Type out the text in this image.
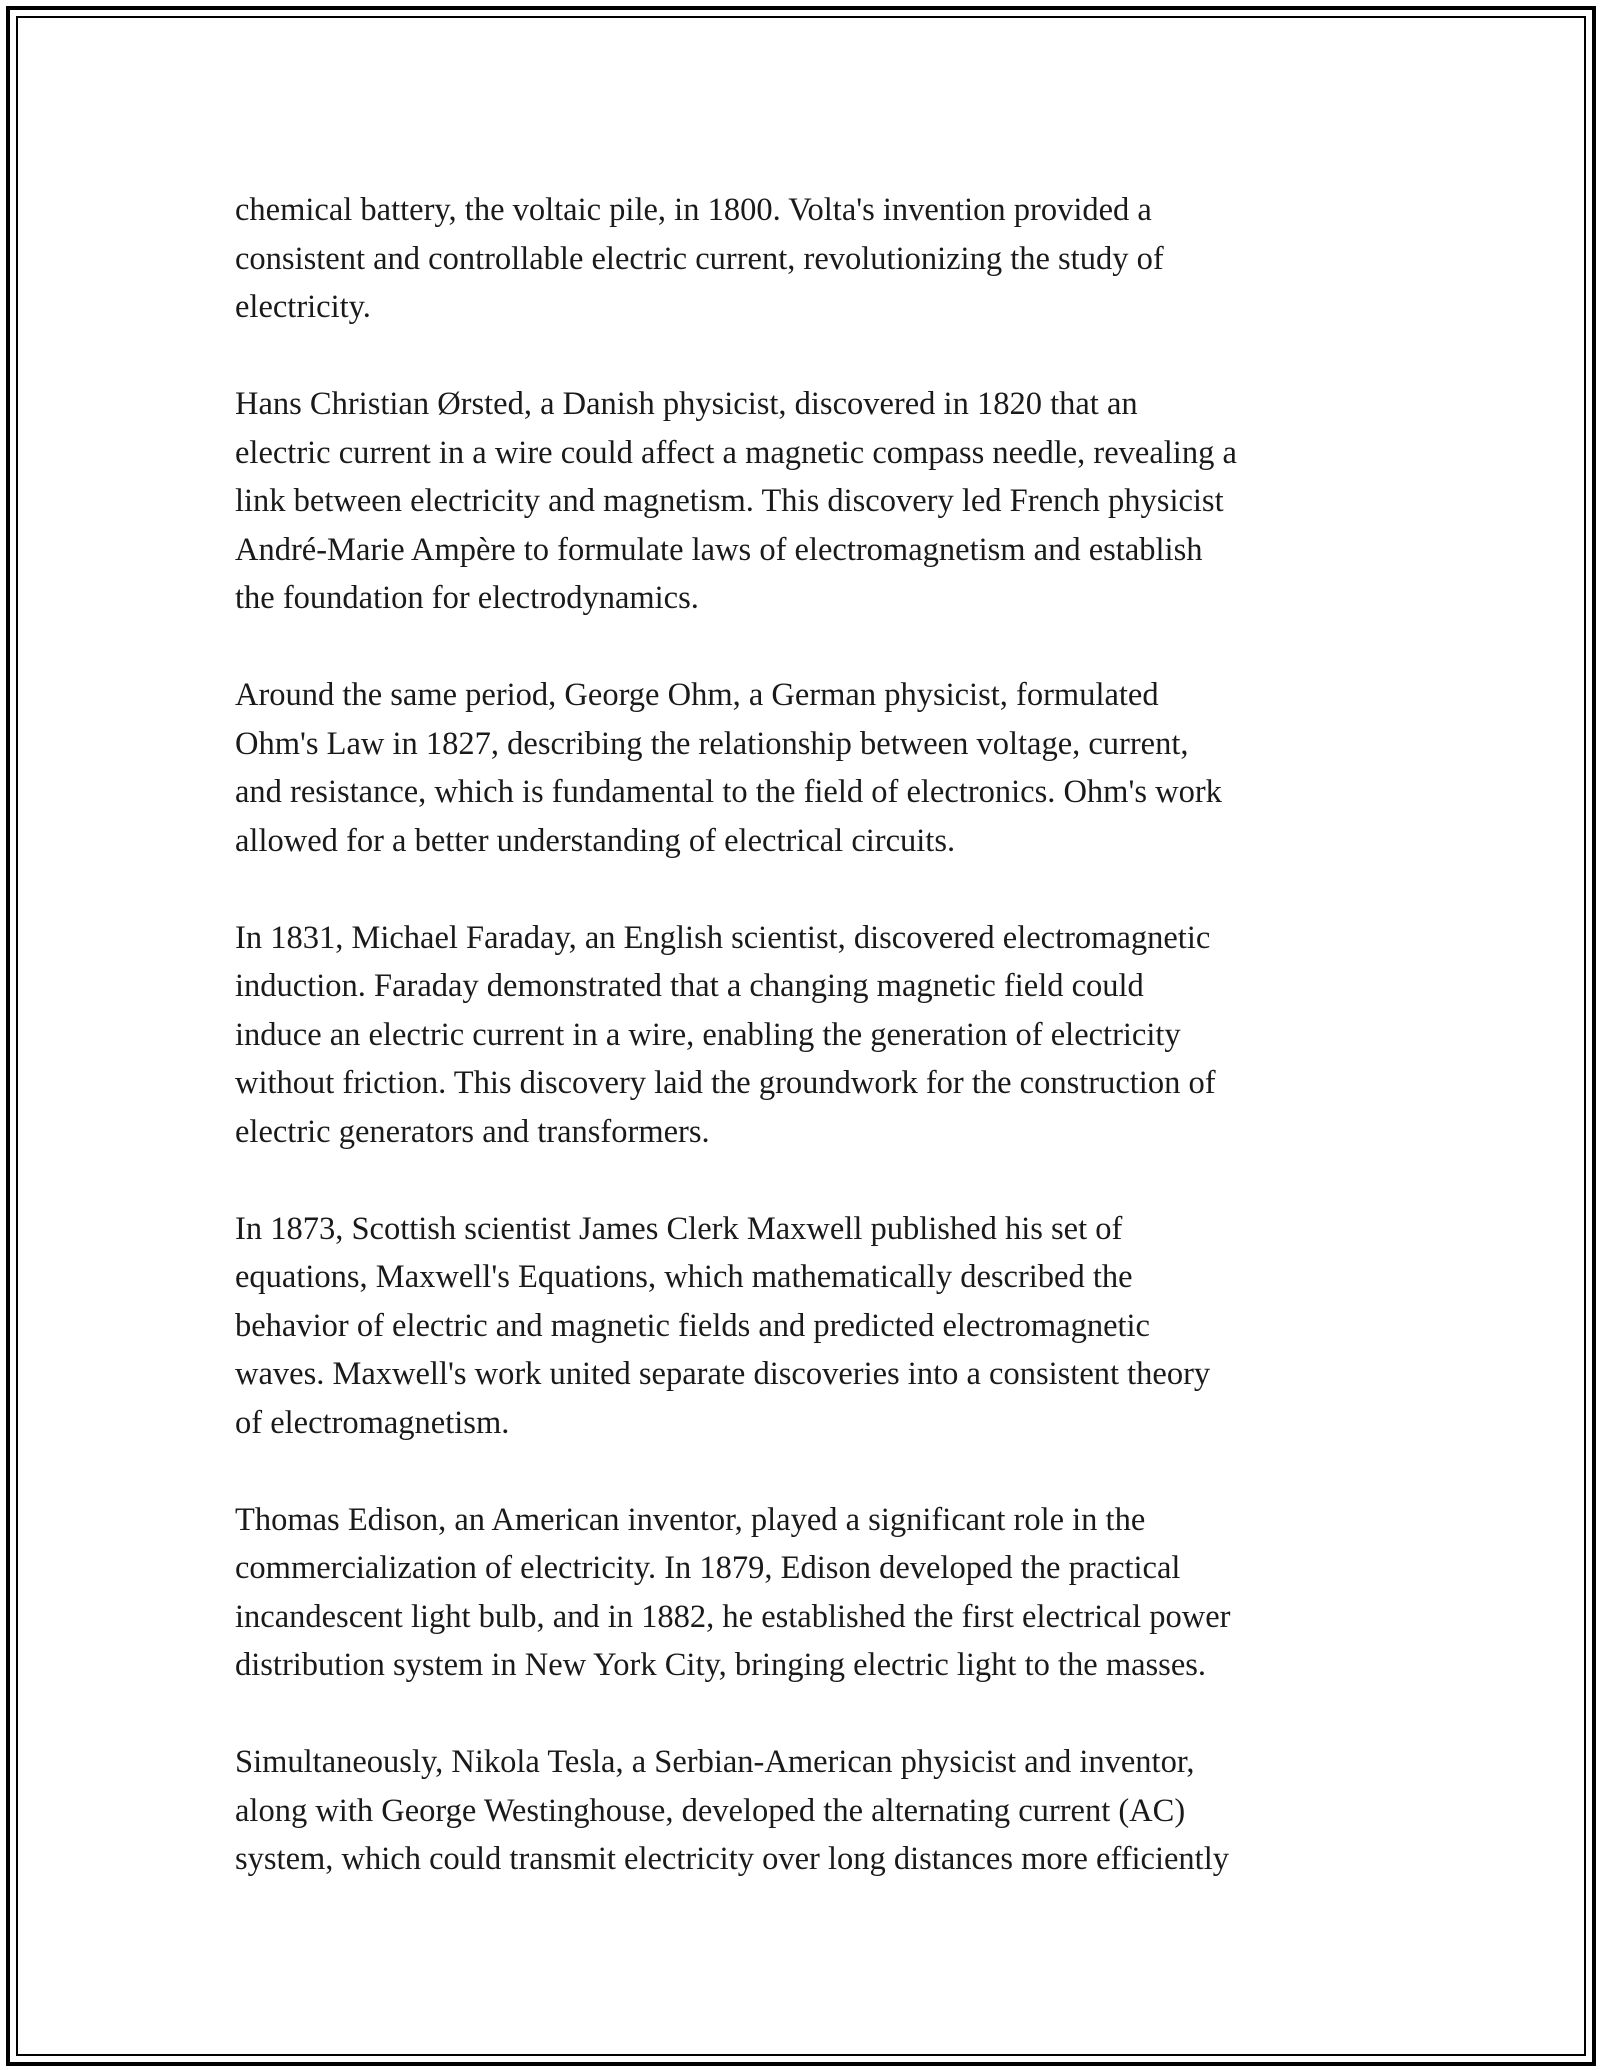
chemical battery, the voltaic pile, in 1800. Volta's invention provided a
consistent and controllable electric current, revolutionizing the study of
electricity.

Hans Christian Ørsted, a Danish physicist, discovered in 1820 that an
electric current in a wire could affect a magnetic compass needle, revealing a
link between electricity and magnetism. This discovery led French physicist
André-Marie Ampère to formulate laws of electromagnetism and establish
the foundation for electrodynamics.

Around the same period, George Ohm, a German physicist, formulated
Ohm's Law in 1827, describing the relationship between voltage, current,
and resistance, which is fundamental to the field of electronics. Ohm's work
allowed for a better understanding of electrical circuits.

In 1831, Michael Faraday, an English scientist, discovered electromagnetic
induction. Faraday demonstrated that a changing magnetic field could
induce an electric current in a wire, enabling the generation of electricity
without friction. This discovery laid the groundwork for the construction of
electric generators and transformers.

In 1873, Scottish scientist James Clerk Maxwell published his set of
equations, Maxwell's Equations, which mathematically described the
behavior of electric and magnetic fields and predicted electromagnetic
waves. Maxwell's work united separate discoveries into a consistent theory
of electromagnetism.

Thomas Edison, an American inventor, played a significant role in the
commercialization of electricity. In 1879, Edison developed the practical
incandescent light bulb, and in 1882, he established the first electrical power
distribution system in New York City, bringing electric light to the masses.

Simultaneously, Nikola Tesla, a Serbian-American physicist and inventor,
along with George Westinghouse, developed the alternating current (AC)
system, which could transmit electricity over long distances more efficiently
